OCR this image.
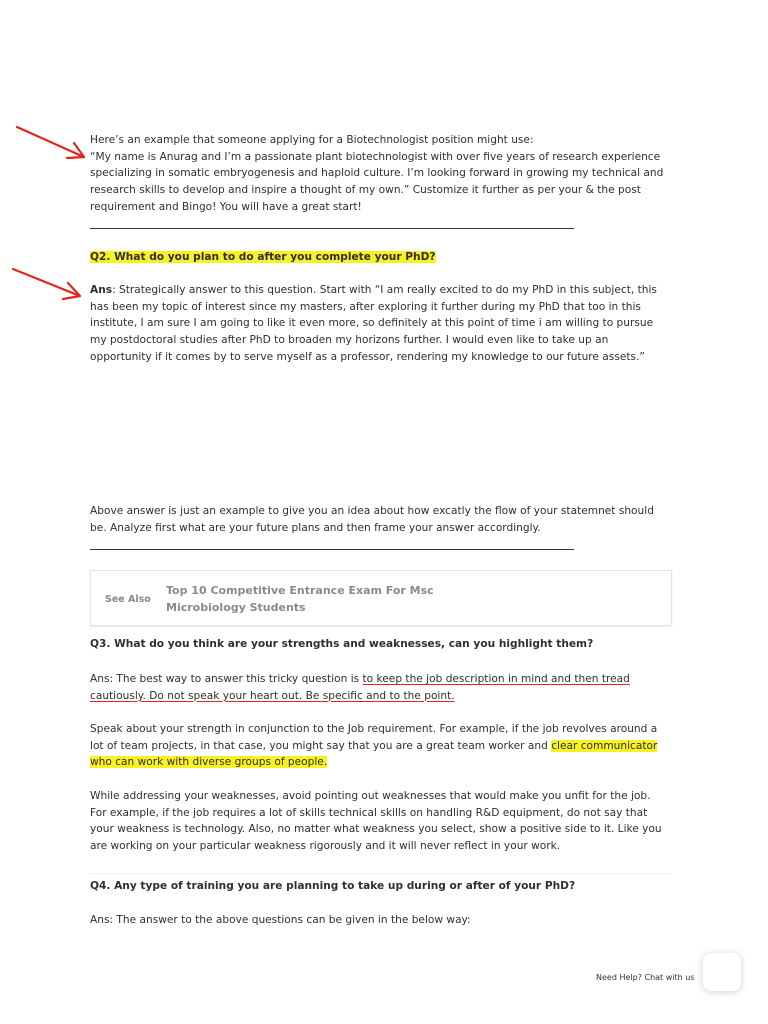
Here’s an example that someone applying for a Biotechnologist position might use:

“My name is Anurag and I’m a passionate plant biotechnologist with over five years of research experience specializing in somatic embryogenesis and haploid culture. I’m looking forward in growing my technical and research skills to develop and inspire a thought of my own.” Customize it further as per your & the post requirement and Bingo! You will have a great start!

Q2. What do you plan to do after you complete your PhD?

Ans: Strategically answer to this question. Start with “I am really excited to do my PhD in this subject, this has been my topic of interest since my masters, after exploring it further during my PhD that too in this institute, I am sure I am going to like it even more, so definitely at this point of time i am willing to pursue my postdoctoral studies after PhD to broaden my horizons further. I would even like to take up an opportunity if it comes by to serve myself as a professor, rendering my knowledge to our future assets.”

Above answer is just an example to give you an idea about how excatly the flow of your statemnet should be. Analyze first what are your future plans and then frame your answer accordingly.

See Also
Top 10 Competitive Entrance Exam For Msc Microbiology Students
Q3. What do you think are your strengths and weaknesses, can you highlight them?

Ans: The best way to answer this tricky question is to keep the job description in mind and then tread cautiously. Do not speak your heart out. Be specific and to the point.

Speak about your strength in conjunction to the Job requirement. For example, if the job revolves around a lot of team projects, in that case, you might say that you are a great team worker and clear communicator who can work with diverse groups of people.

While addressing your weaknesses, avoid pointing out weaknesses that would make you unfit for the job. For example, if the job requires a lot of skills technical skills on handling R&D equipment, do not say that your weakness is technology. Also, no matter what weakness you select, show a positive side to it. Like you are working on your particular weakness rigorously and it will never reflect in your work.

Q4. Any type of training you are planning to take up during or after of your PhD?

Ans: The answer to the above questions can be given in the below way:

Need Help? Chat with us
